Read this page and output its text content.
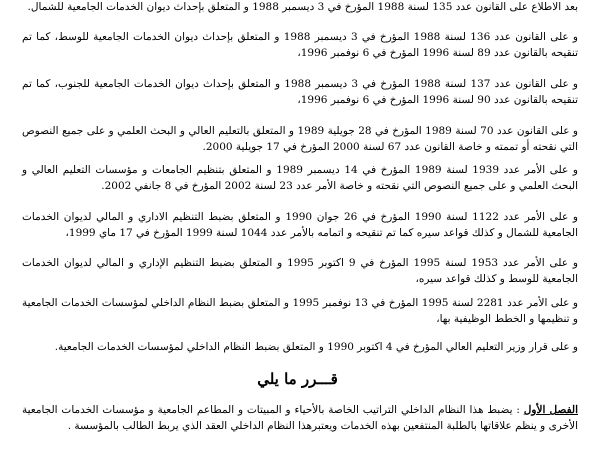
بعد الاطلاع على القانون عدد 135 لسنة 1988 المؤرخ في 3 ديسمبر 1988 و المتعلق بإحداث ديوان الخدمات الجامعية للشمال.

و على القانون عدد 136 لسنة 1988 المؤرخ في 3 ديسمبر 1988 و المتعلق بإحداث ديوان الخدمات الجامعية للوسط، كما تم تنقيحه بالقانون عدد 89 لسنة 1996 المؤرخ في 6 نوفمبر 1996،

و على القانون عدد 137 لسنة 1988 المؤرخ في 3 ديسمبر 1988 و المتعلق بإحداث ديوان الخدمات الجامعية للجنوب، كما تم تنقيحه بالقانون عدد 90 لسنة 1996 المؤرخ في 6 نوفمبر 1996،

و على القانون عدد 70 لسنة 1989 المؤرخ في 28 جويلية 1989 و المتعلق بالتعليم العالي و البحث العلمي و على جميع النصوص التي نقحته أو تممته و خاصة القانون عدد 67 لسنة 2000 المؤرخ في 17 جويلية 2000.

و على الأمر عدد 1939 لسنة 1989 المؤرخ في 14 ديسمبر 1989 و المتعلق بتنظيم الجامعات و مؤسسات التعليم العالي و البحث العلمي و على جميع النصوص التي نقحته و خاصة الأمر عدد 23 لسنة 2002 المؤرخ في 8 جانفي 2002.

و على الأمر عدد 1122 لسنة 1990 المؤرخ في 26 جوان 1990 و المتعلق بضبط التنظيم الاداري و المالي لديوان الخدمات الجامعية للشمال و كذلك قواعد سيره كما تم تنقيحه و اتمامه بالأمر عدد 1044 لسنة 1999 المؤرخ في 17 ماي 1999،

و على الأمر عدد 1953 لسنة 1995 المؤرخ في 9 اكتوبر 1995 و المتعلق بضبط التنظيم الإداري و المالي لديوان الخدمات الجامعية للوسط و كذلك قواعد سيره،

و على الأمر عدد 2281 لسنة 1995 المؤرخ في 13 نوفمبر 1995 و المتعلق بضبط النظام الداخلي لمؤسسات الخدمات الجامعية و تنظيمها و الخطط الوظيفية بها،

و على قرار وزير التعليم العالي المؤرخ في 4 اكتوبر 1990 و المتعلق بضبط النظام الداخلي لمؤسسات الخدمات الجامعية.

قـــرر ما يلي

الفصل الأول : يضبط هذا النظام الداخلي التراتيب الخاصة بالأحياء و المبيتات و المطاعم الجامعية و مؤسسات الخدمات الجامعية الأخرى و ينظم علاقاتها بالطلبة المنتفعين بهذه الخدمات ويعتبرهذا النظام الداخلي العقد الذي يربط الطالب بالمؤسسة .
